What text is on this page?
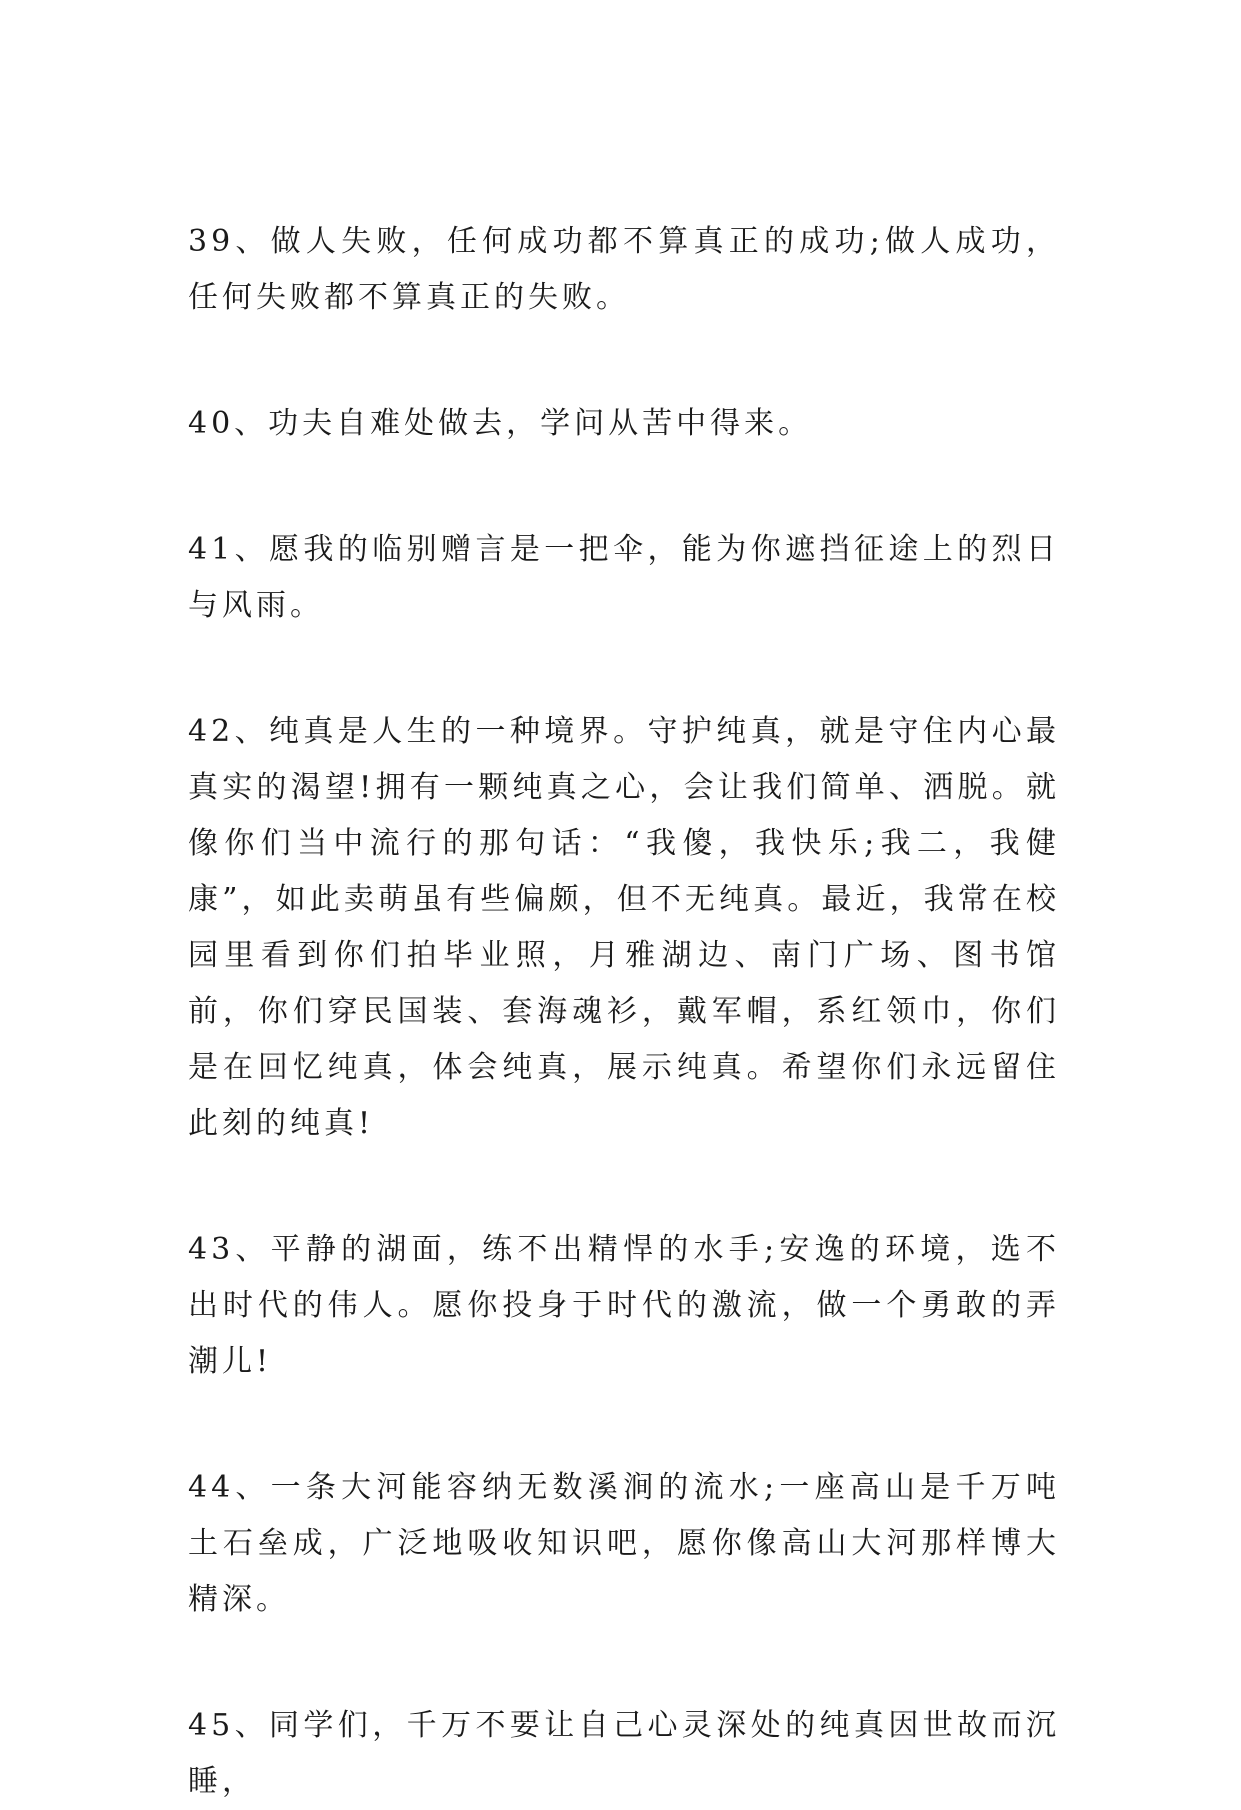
39、做人失败，任何成功都不算真正的成功;做人成功，任何失败都不算真正的失败。

40、功夫自难处做去，学问从苦中得来。

41、愿我的临别赠言是一把伞，能为你遮挡征途上的烈日与风雨。

42、纯真是人生的一种境界。守护纯真，就是守住内心最真实的渴望!拥有一颗纯真之心，会让我们简单、洒脱。就像你们当中流行的那句话：“我傻，我快乐;我二，我健康”，如此卖萌虽有些偏颇，但不无纯真。最近，我常在校园里看到你们拍毕业照，月雅湖边、南门广场、图书馆前，你们穿民国装、套海魂衫，戴军帽，系红领巾，你们是在回忆纯真，体会纯真，展示纯真。希望你们永远留住此刻的纯真!

43、平静的湖面，练不出精悍的水手;安逸的环境，选不出时代的伟人。愿你投身于时代的激流，做一个勇敢的弄潮儿!

44、一条大河能容纳无数溪涧的流水;一座高山是千万吨土石垒成，广泛地吸收知识吧，愿你像高山大河那样博大精深。

45、同学们，千万不要让自己心灵深处的纯真因世故而沉睡，
